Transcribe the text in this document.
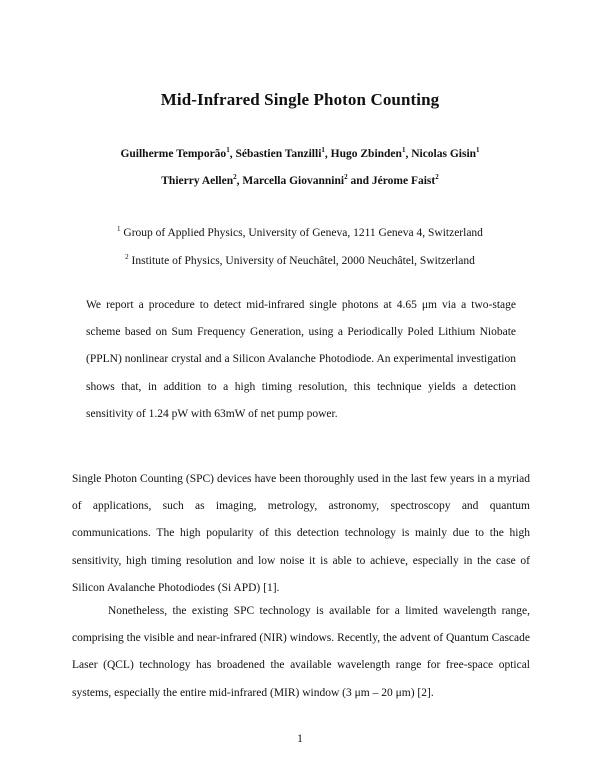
Mid-Infrared Single Photon Counting
Guilherme Temporão$^1$, Sébastien Tanzilli$^1$, Hugo Zbinden$^1$, Nicolas Gisin$^1$
Thierry Aellen$^2$, Marcella Giovannini$^2$ and Jérome Faist$^2$
$^1$ Group of Applied Physics, University of Geneva, 1211 Geneva 4, Switzerland
$^2$ Institute of Physics, University of Neuchâtel, 2000 Neuchâtel, Switzerland

We report a procedure to detect mid-infrared single photons at 4.65 μm via a two-stage scheme based on Sum Frequency Generation, using a Periodically Poled Lithium Niobate (PPLN) nonlinear crystal and a Silicon Avalanche Photodiode. An experimental investigation shows that, in addition to a high timing resolution, this technique yields a detection sensitivity of 1.24 pW with 63mW of net pump power.

Single Photon Counting (SPC) devices have been thoroughly used in the last few years in a myriad of applications, such as imaging, metrology, astronomy, spectroscopy and quantum communications. The high popularity of this detection technology is mainly due to the high sensitivity, high timing resolution and low noise it is able to achieve, especially in the case of Silicon Avalanche Photodiodes (Si APD) [1].

Nonetheless, the existing SPC technology is available for a limited wavelength range, comprising the visible and near-infrared (NIR) windows. Recently, the advent of Quantum Cascade Laser (QCL) technology has broadened the available wavelength range for free-space optical systems, especially the entire mid-infrared (MIR) window (3 μm – 20 μm) [2].

1
